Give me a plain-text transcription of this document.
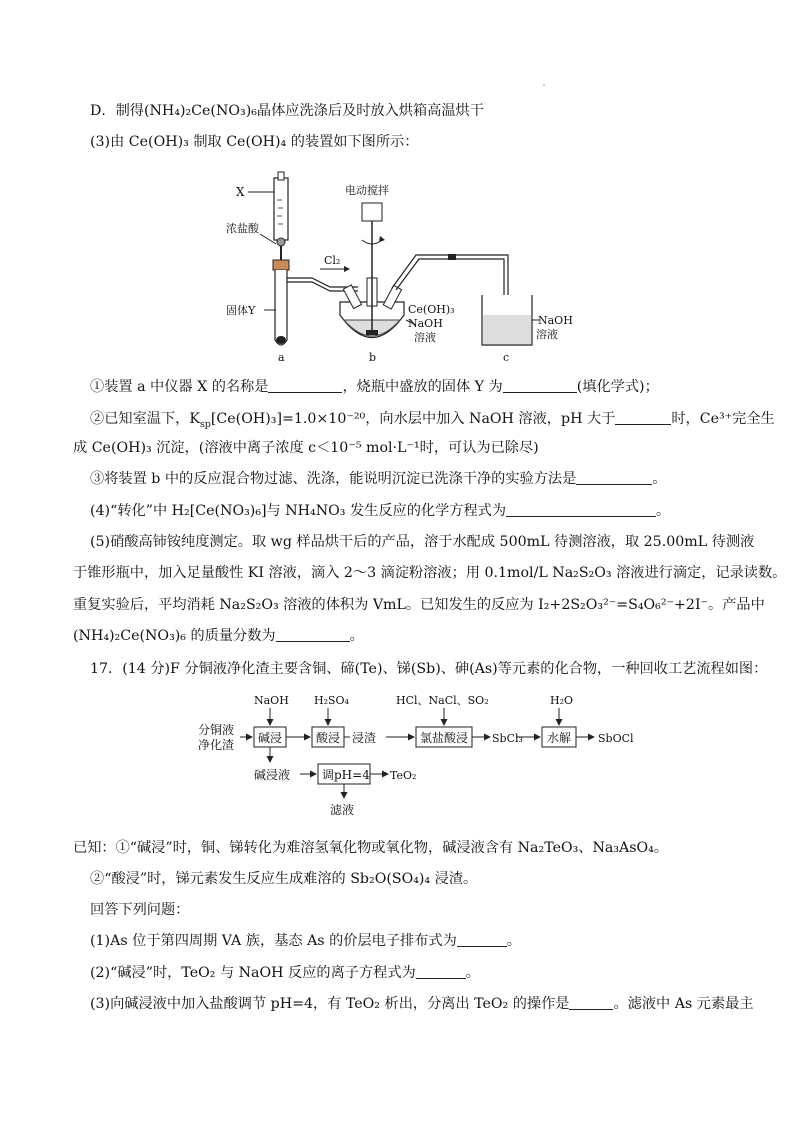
D．制得(NH₄)₂Ce(NO₃)₆晶体应洗涤后及时放入烘箱高温烘干
(3)由 Ce(OH)₃ 制取 Ce(OH)₄ 的装置如下图所示：
X
浓盐酸
固体Y
电动搅拌
Cl₂
Ce(OH)₃
NaOH
溶液
NaOH
溶液
a	b	c
①装置 a 中仪器 X 的名称是	，烧瓶中盛放的固体 Y 为	(填化学式)；
②已知室温下，$K_{sp}[Ce(OH)_3]=1.0\times 10^{-20}$，向水层中加入 NaOH 溶液，pH 大于	时，Ce³⁺完全生
成 Ce(OH)₃ 沉淀，(溶液中离子浓度 c＜10⁻⁵ mol·L⁻¹时，可认为已除尽)
③将装置 b 中的反应混合物过滤、洗涤，能说明沉淀已洗涤干净的实验方法是	。
(4)“转化”中 H₂[Ce(NO₃)₆]与 NH₄NO₃ 发生反应的化学方程式为	。
(5)硝酸高铈铵纯度测定。取 wg 样品烘干后的产品，溶于水配成 500mL 待测溶液，取 25.00mL 待测液
于锥形瓶中，加入足量酸性 KI 溶液，滴入 2～3 滴淀粉溶液；用 0.1mol/L Na₂S₂O₃ 溶液进行滴定，记录读数。
重复实验后，平均消耗 Na₂S₂O₃ 溶液的体积为 VmL。已知发生的反应为 I₂+2S₂O₃²⁻=S₄O₆²⁻+2I⁻。产品中
(NH₄)₂Ce(NO₃)₆ 的质量分数为	。
17．(14 分)F 分铜液净化渣主要含铜、碲(Te)、锑(Sb)、砷(As)等元素的化合物，一种回收工艺流程如图：
分铜液
净化渣
NaOH H₂SO₄	HCl、NaCl、SO₂	H₂O
碱浸	酸浸	氯盐酸浸	水解
调pH=4
浸渣	SbCl₃	SbOCl
碱浸液	TeO₂
滤液
已知：①“碱浸”时，铜、锑转化为难溶氢氧化物或氧化物，碱浸液含有 Na₂TeO₃、Na₃AsO₄。
②“酸浸”时，锑元素发生反应生成难溶的 Sb₂O(SO₄)₄ 浸渣。
回答下列问题：
(1)As 位于第四周期 VA 族，基态 As 的价层电子排布式为	。
(2)“碱浸”时，TeO₂ 与 NaOH 反应的离子方程式为	。
(3)向碱浸液中加入盐酸调节 pH=4，有 TeO₂ 析出，分离出 TeO₂ 的操作是	。滤液中 As 元素最主
